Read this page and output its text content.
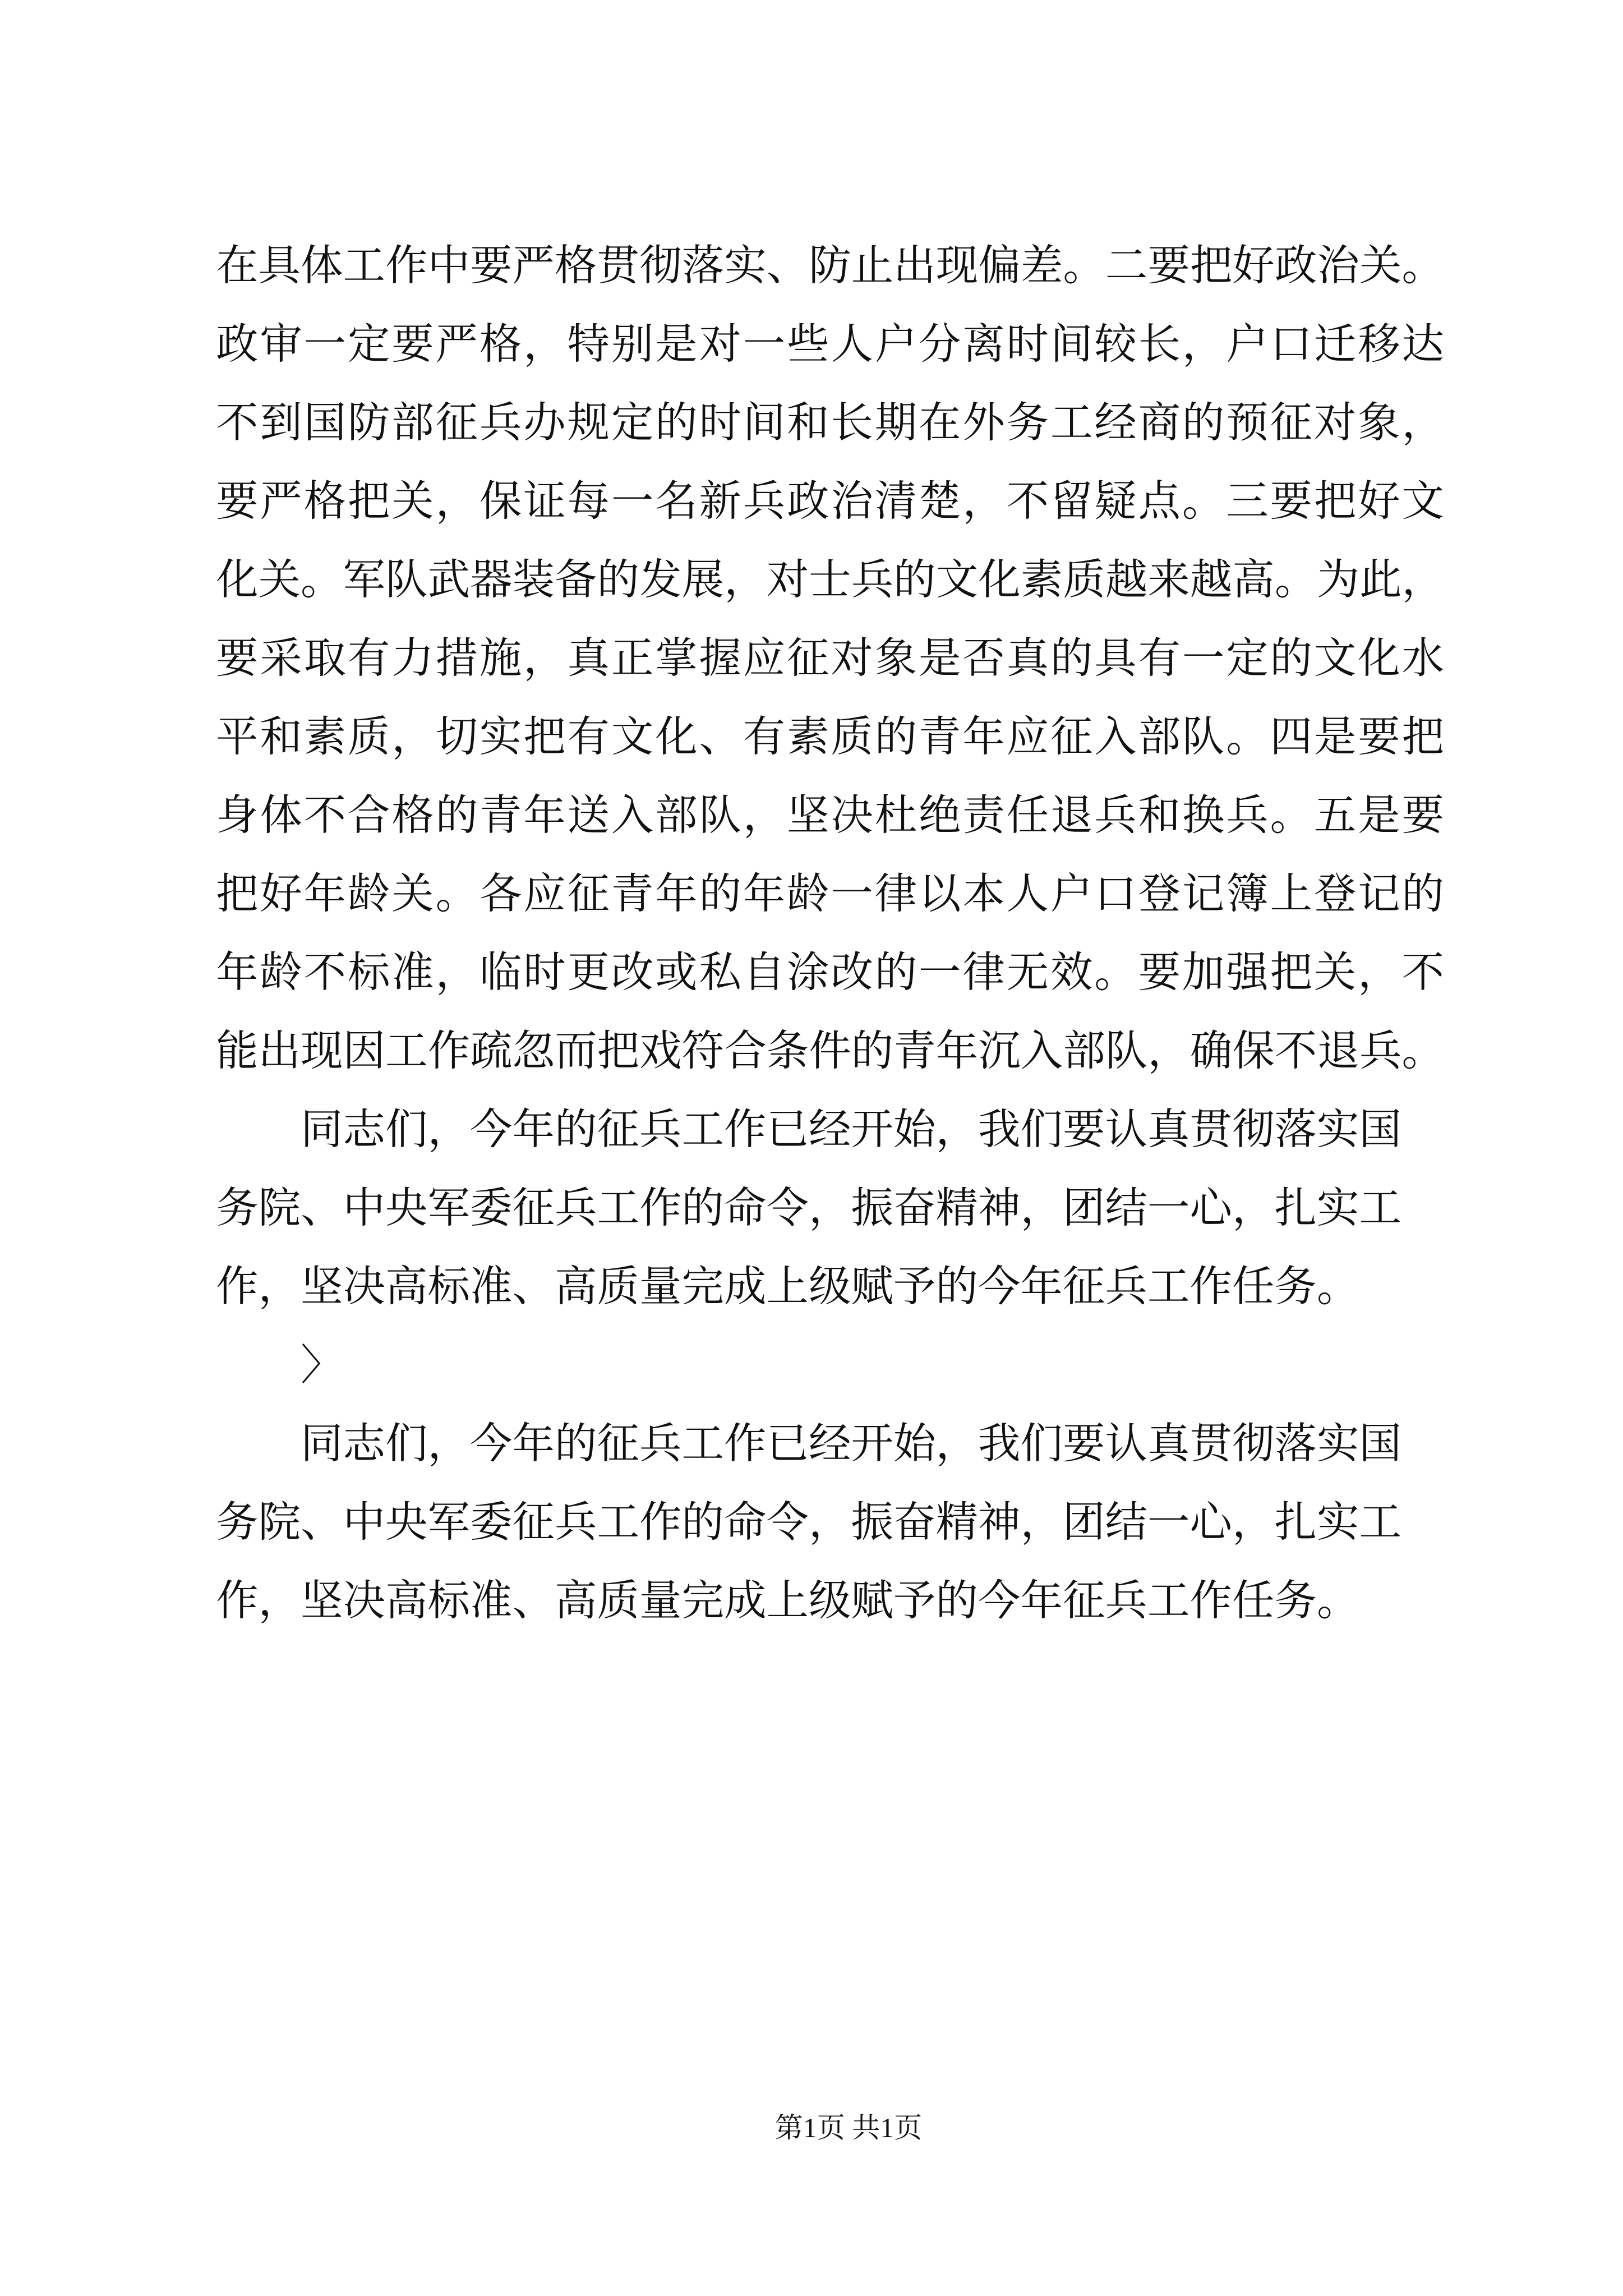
在具体工作中要严格贯彻落实、防止出现偏差。二要把好政治关。
政审一定要严格，特别是对一些人户分离时间较长，户口迁移达
不到国防部征兵办规定的时间和长期在外务工经商的预征对象，
要严格把关，保证每一名新兵政治清楚，不留疑点。三要把好文
化关。军队武器装备的发展，对士兵的文化素质越来越高。为此，
要采取有力措施，真正掌握应征对象是否真的具有一定的文化水
平和素质，切实把有文化、有素质的青年应征入部队。四是要把
身体不合格的青年送入部队，坚决杜绝责任退兵和换兵。五是要
把好年龄关。各应征青年的年龄一律以本人户口登记簿上登记的
年龄不标准，临时更改或私自涂改的一律无效。要加强把关，不
能出现因工作疏忽而把戏符合条件的青年沉入部队，确保不退兵。
同志们，今年的征兵工作已经开始，我们要认真贯彻落实国
务院、中央军委征兵工作的命令，振奋精神，团结一心，扎实工
作，坚决高标准、高质量完成上级赋予的今年征兵工作任务。
〉
同志们，今年的征兵工作已经开始，我们要认真贯彻落实国
务院、中央军委征兵工作的命令，振奋精神，团结一心，扎实工
作，坚决高标准、高质量完成上级赋予的今年征兵工作任务。
第1页 共1页
